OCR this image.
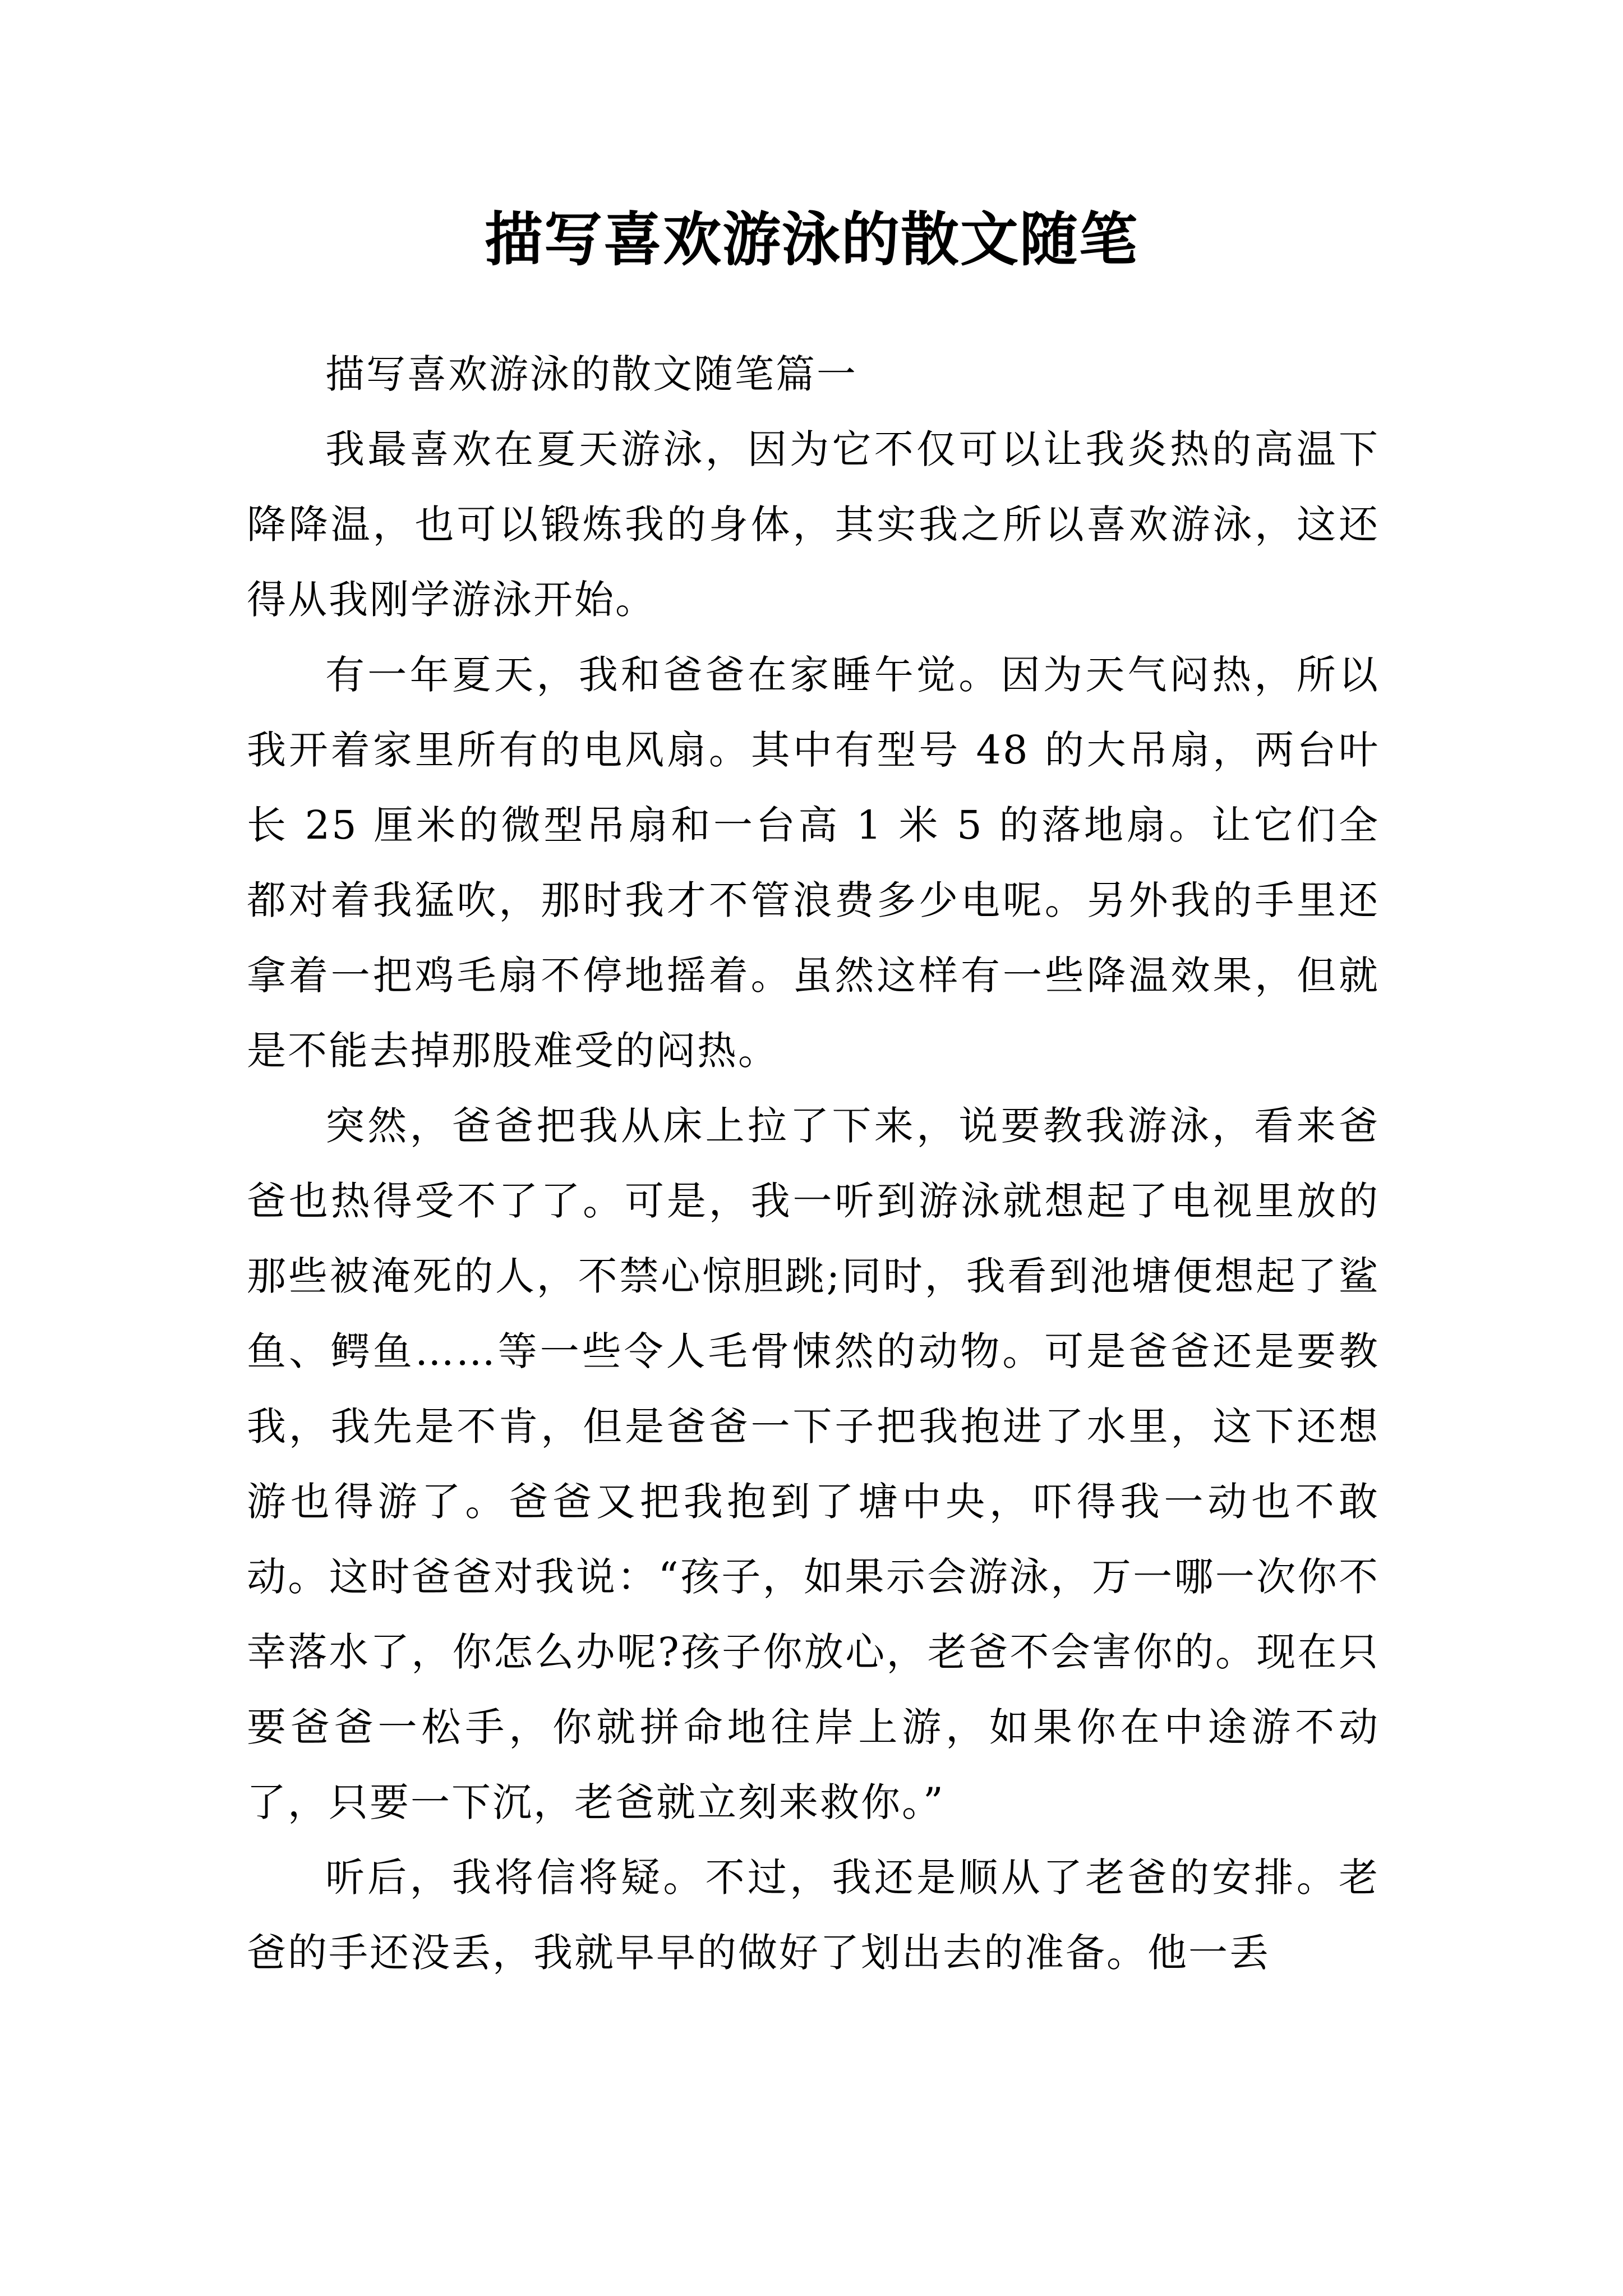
描写喜欢游泳的散文随笔

描写喜欢游泳的散文随笔篇一

我最喜欢在夏天游泳，因为它不仅可以让我炎热的高温下降降温，也可以锻炼我的身体，其实我之所以喜欢游泳，这还得从我刚学游泳开始。

有一年夏天，我和爸爸在家睡午觉。因为天气闷热，所以我开着家里所有的电风扇。其中有型号 48 的大吊扇，两台叶长 25 厘米的微型吊扇和一台高 1 米 5 的落地扇。让它们全都对着我猛吹，那时我才不管浪费多少电呢。另外我的手里还拿着一把鸡毛扇不停地摇着。虽然这样有一些降温效果，但就是不能去掉那股难受的闷热。

突然，爸爸把我从床上拉了下来，说要教我游泳，看来爸爸也热得受不了了。可是，我一听到游泳就想起了电视里放的那些被淹死的人，不禁心惊胆跳;同时，我看到池塘便想起了鲨鱼、鳄鱼……等一些令人毛骨悚然的动物。可是爸爸还是要教我，我先是不肯，但是爸爸一下子把我抱进了水里，这下还想游也得游了。爸爸又把我抱到了塘中央，吓得我一动也不敢动。这时爸爸对我说：“孩子，如果示会游泳，万一哪一次你不幸落水了，你怎么办呢?孩子你放心，老爸不会害你的。现在只要爸爸一松手，你就拼命地往岸上游，如果你在中途游不动了，只要一下沉，老爸就立刻来救你。”

听后，我将信将疑。不过，我还是顺从了老爸的安排。老爸的手还没丢，我就早早的做好了划出去的准备。他一丢
